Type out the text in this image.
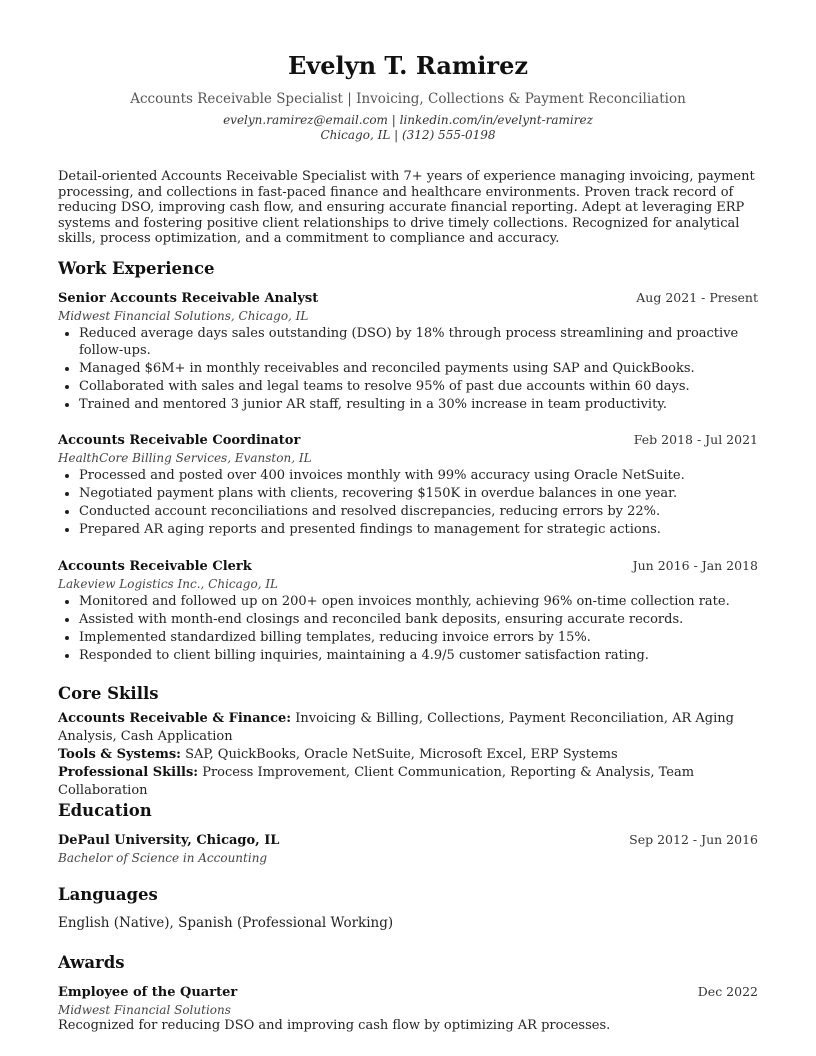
Evelyn T. Ramirez
Accounts Receivable Specialist | Invoicing, Collections & Payment Reconciliation
evelyn.ramirez@email.com | linkedin.com/in/evelynt-ramirez
Chicago, IL | (312) 555-0198
Detail-oriented Accounts Receivable Specialist with 7+ years of experience managing invoicing, payment processing, and collections in fast-paced finance and healthcare environments. Proven track record of reducing DSO, improving cash flow, and ensuring accurate financial reporting. Adept at leveraging ERP systems and fostering positive client relationships to drive timely collections. Recognized for analytical skills, process optimization, and a commitment to compliance and accuracy.
Work Experience
Senior Accounts Receivable Analyst	Aug 2021 - Present
Midwest Financial Solutions, Chicago, IL
• Reduced average days sales outstanding (DSO) by 18% through process streamlining and proactive follow-ups.
• Managed $6M+ in monthly receivables and reconciled payments using SAP and QuickBooks.
• Collaborated with sales and legal teams to resolve 95% of past due accounts within 60 days.
• Trained and mentored 3 junior AR staff, resulting in a 30% increase in team productivity.
Accounts Receivable Coordinator	Feb 2018 - Jul 2021
HealthCore Billing Services, Evanston, IL
• Processed and posted over 400 invoices monthly with 99% accuracy using Oracle NetSuite.
• Negotiated payment plans with clients, recovering $150K in overdue balances in one year.
• Conducted account reconciliations and resolved discrepancies, reducing errors by 22%.
• Prepared AR aging reports and presented findings to management for strategic actions.
Accounts Receivable Clerk	Jun 2016 - Jan 2018
Lakeview Logistics Inc., Chicago, IL
• Monitored and followed up on 200+ open invoices monthly, achieving 96% on-time collection rate.
• Assisted with month-end closings and reconciled bank deposits, ensuring accurate records.
• Implemented standardized billing templates, reducing invoice errors by 15%.
• Responded to client billing inquiries, maintaining a 4.9/5 customer satisfaction rating.
Core Skills
Accounts Receivable & Finance: Invoicing & Billing, Collections, Payment Reconciliation, AR Aging Analysis, Cash Application
Tools & Systems: SAP, QuickBooks, Oracle NetSuite, Microsoft Excel, ERP Systems
Professional Skills: Process Improvement, Client Communication, Reporting & Analysis, Team Collaboration
Education
DePaul University, Chicago, IL	Sep 2012 - Jun 2016
Bachelor of Science in Accounting
Languages
English (Native), Spanish (Professional Working)
Awards
Employee of the Quarter	Dec 2022
Midwest Financial Solutions
Recognized for reducing DSO and improving cash flow by optimizing AR processes.
